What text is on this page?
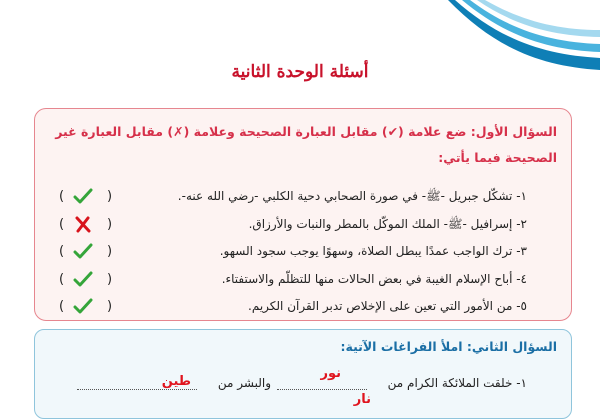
أسئلة الوحدة الثانية
السؤال الأول: ضع علامة (✔) مقابل العبارة الصحيحة وعلامة (✗) مقابل العبارة غير الصحيحة فيما يأتي:
١- تشكّل جبريل -ﷺ- في صورة الصحابي دحية الكلبي -رضي الله عنه-.
(	)
٢- إسرافيل -ﷺ- الملك الموكّل بالمطر والنبات والأرزاق.
(	)
٣- ترك الواجب عمدًا يبطل الصلاة، وسهوًا يوجب سجود السهو.
(	)
٤- أباح الإسلام الغيبة في بعض الحالات منها للتظلّم والاستفتاء.
(	)
٥- من الأمور التي تعين على الإخلاص تدبر القرآن الكريم.
(	)
السؤال الثاني: املأ الفراغات الآتية:
١- خلقت الملائكة الكرام من
نور
والبشر من
طين
نار
